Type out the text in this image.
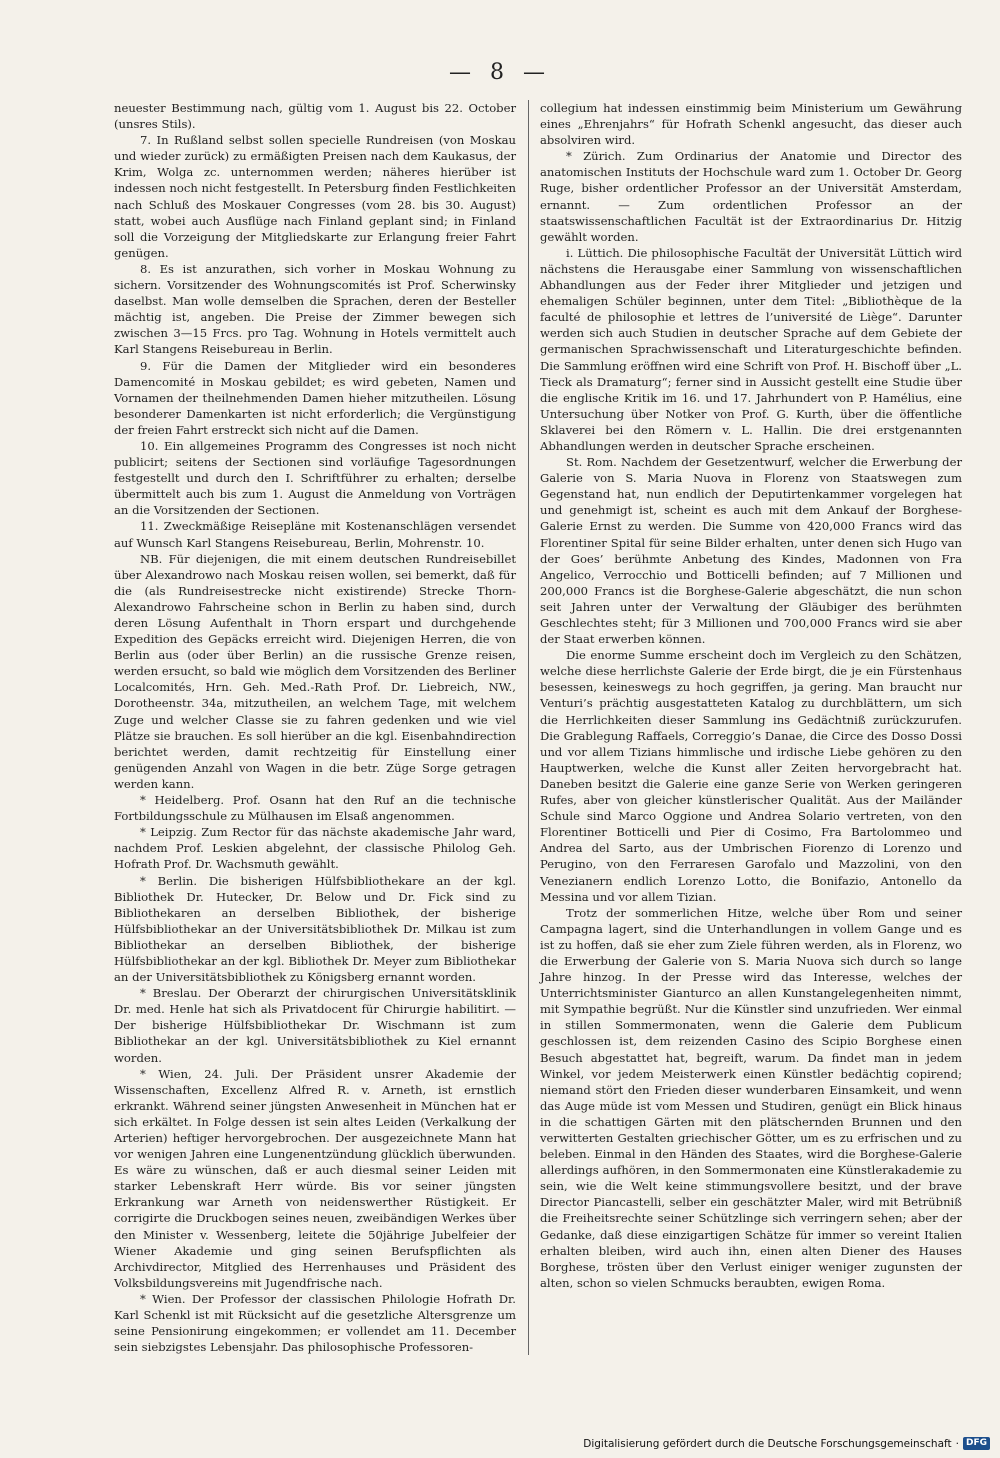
— 8 —

neuester Bestimmung nach, gültig vom 1. August bis 22. October (unsres Stils).

7. In Rußland selbst sollen specielle Rundreisen (von Moskau und wieder zurück) zu ermäßigten Preisen nach dem Kaukasus, der Krim, Wolga zc. unternommen werden; näheres hierüber ist indessen noch nicht festgestellt. In Petersburg finden Festlichkeiten nach Schluß des Moskauer Congresses (vom 28. bis 30. August) statt, wobei auch Ausflüge nach Finland geplant sind; in Finland soll die Vorzeigung der Mitgliedskarte zur Erlangung freier Fahrt genügen.

8. Es ist anzurathen, sich vorher in Moskau Wohnung zu sichern. Vorsitzender des Wohnungscomités ist Prof. Scherwinsky daselbst. Man wolle demselben die Sprachen, deren der Besteller mächtig ist, angeben. Die Preise der Zimmer bewegen sich zwischen 3—15 Frcs. pro Tag. Wohnung in Hotels vermittelt auch Karl Stangens Reisebureau in Berlin.

9. Für die Damen der Mitglieder wird ein besonderes Damencomité in Moskau gebildet; es wird gebeten, Namen und Vornamen der theilnehmenden Damen hieher mitzutheilen. Lösung besonderer Damenkarten ist nicht erforderlich; die Vergünstigung der freien Fahrt erstreckt sich nicht auf die Damen.

10. Ein allgemeines Programm des Congresses ist noch nicht publicirt; seitens der Sectionen sind vorläufige Tagesordnungen festgestellt und durch den I. Schriftführer zu erhalten; derselbe übermittelt auch bis zum 1. August die Anmeldung von Vorträgen an die Vorsitzenden der Sectionen.

11. Zweckmäßige Reisepläne mit Kostenanschlägen versendet auf Wunsch Karl Stangens Reisebureau, Berlin, Mohrenstr. 10.

NB. Für diejenigen, die mit einem deutschen Rundreisebillet über Alexandrowo nach Moskau reisen wollen, sei bemerkt, daß für die (als Rundreisestrecke nicht existirende) Strecke Thorn-Alexandrowo Fahrscheine schon in Berlin zu haben sind, durch deren Lösung Aufenthalt in Thorn erspart und durchgehende Expedition des Gepäcks erreicht wird. Diejenigen Herren, die von Berlin aus (oder über Berlin) an die russische Grenze reisen, werden ersucht, so bald wie möglich dem Vorsitzenden des Berliner Localcomités, Hrn. Geh. Med.-Rath Prof. Dr. Liebreich, NW., Dorotheenstr. 34a, mitzutheilen, an welchem Tage, mit welchem Zuge und welcher Classe sie zu fahren gedenken und wie viel Plätze sie brauchen. Es soll hierüber an die kgl. Eisenbahndirection berichtet werden, damit rechtzeitig für Einstellung einer genügenden Anzahl von Wagen in die betr. Züge Sorge getragen werden kann.

* Heidelberg. Prof. Osann hat den Ruf an die technische Fortbildungsschule zu Mülhausen im Elsaß angenommen.

* Leipzig. Zum Rector für das nächste akademische Jahr ward, nachdem Prof. Leskien abgelehnt, der classische Philolog Geh. Hofrath Prof. Dr. Wachsmuth gewählt.

* Berlin. Die bisherigen Hülfsbibliothekare an der kgl. Bibliothek Dr. Hutecker, Dr. Below und Dr. Fick sind zu Bibliothekaren an derselben Bibliothek, der bisherige Hülfsbibliothekar an der Universitätsbibliothek Dr. Milkau ist zum Bibliothekar an derselben Bibliothek, der bisherige Hülfsbibliothekar an der kgl. Bibliothek Dr. Meyer zum Bibliothekar an der Universitätsbibliothek zu Königsberg ernannt worden.

* Breslau. Der Oberarzt der chirurgischen Universitätsklinik Dr. med. Henle hat sich als Privatdocent für Chirurgie habilitirt. — Der bisherige Hülfsbibliothekar Dr. Wischmann ist zum Bibliothekar an der kgl. Universitätsbibliothek zu Kiel ernannt worden.

* Wien, 24. Juli. Der Präsident unsrer Akademie der Wissenschaften, Excellenz Alfred R. v. Arneth, ist ernstlich erkrankt. Während seiner jüngsten Anwesenheit in München hat er sich erkältet. In Folge dessen ist sein altes Leiden (Verkalkung der Arterien) heftiger hervorgebrochen. Der ausgezeichnete Mann hat vor wenigen Jahren eine Lungenentzündung glücklich überwunden. Es wäre zu wünschen, daß er auch diesmal seiner Leiden mit starker Lebenskraft Herr würde. Bis vor seiner jüngsten Erkrankung war Arneth von neidenswerther Rüstigkeit. Er corrigirte die Druckbogen seines neuen, zweibändigen Werkes über den Minister v. Wessenberg, leitete die 50jährige Jubelfeier der Wiener Akademie und ging seinen Berufspflichten als Archivdirector, Mitglied des Herrenhauses und Präsident des Volksbildungsvereins mit Jugendfrische nach.

* Wien. Der Professor der classischen Philologie Hofrath Dr. Karl Schenkl ist mit Rücksicht auf die gesetzliche Altersgrenze um seine Pensionirung eingekommen; er vollendet am 11. December sein siebzigstes Lebensjahr. Das philosophische Professoren-

collegium hat indessen einstimmig beim Ministerium um Gewährung eines „Ehrenjahrs“ für Hofrath Schenkl angesucht, das dieser auch absolviren wird.

* Zürich. Zum Ordinarius der Anatomie und Director des anatomischen Instituts der Hochschule ward zum 1. October Dr. Georg Ruge, bisher ordentlicher Professor an der Universität Amsterdam, ernannt. — Zum ordentlichen Professor an der staatswissenschaftlichen Facultät ist der Extraordinarius Dr. Hitzig gewählt worden.

i. Lüttich. Die philosophische Facultät der Universität Lüttich wird nächstens die Herausgabe einer Sammlung von wissenschaftlichen Abhandlungen aus der Feder ihrer Mitglieder und jetzigen und ehemaligen Schüler beginnen, unter dem Titel: „Bibliothèque de la faculté de philosophie et lettres de l’université de Liège“. Darunter werden sich auch Studien in deutscher Sprache auf dem Gebiete der germanischen Sprachwissenschaft und Literaturgeschichte befinden. Die Sammlung eröffnen wird eine Schrift von Prof. H. Bischoff über „L. Tieck als Dramaturg“; ferner sind in Aussicht gestellt eine Studie über die englische Kritik im 16. und 17. Jahrhundert von P. Hamélius, eine Untersuchung über Notker von Prof. G. Kurth, über die öffentliche Sklaverei bei den Römern v. L. Hallin. Die drei erstgenannten Abhandlungen werden in deutscher Sprache erscheinen.

St. Rom. Nachdem der Gesetzentwurf, welcher die Erwerbung der Galerie von S. Maria Nuova in Florenz von Staatswegen zum Gegenstand hat, nun endlich der Deputirtenkammer vorgelegen hat und genehmigt ist, scheint es auch mit dem Ankauf der Borghese-Galerie Ernst zu werden. Die Summe von 420,000 Francs wird das Florentiner Spital für seine Bilder erhalten, unter denen sich Hugo van der Goes’ berühmte Anbetung des Kindes, Madonnen von Fra Angelico, Verrocchio und Botticelli befinden; auf 7 Millionen und 200,000 Francs ist die Borghese-Galerie abgeschätzt, die nun schon seit Jahren unter der Verwaltung der Gläubiger des berühmten Geschlechtes steht; für 3 Millionen und 700,000 Francs wird sie aber der Staat erwerben können.

Die enorme Summe erscheint doch im Vergleich zu den Schätzen, welche diese herrlichste Galerie der Erde birgt, die je ein Fürstenhaus besessen, keineswegs zu hoch gegriffen, ja gering. Man braucht nur Venturi’s prächtig ausgestatteten Katalog zu durchblättern, um sich die Herrlichkeiten dieser Sammlung ins Gedächtniß zurückzurufen. Die Grablegung Raffaels, Correggio’s Danae, die Circe des Dosso Dossi und vor allem Tizians himmlische und irdische Liebe gehören zu den Hauptwerken, welche die Kunst aller Zeiten hervorgebracht hat. Daneben besitzt die Galerie eine ganze Serie von Werken geringeren Rufes, aber von gleicher künstlerischer Qualität. Aus der Mailänder Schule sind Marco Oggione und Andrea Solario vertreten, von den Florentiner Botticelli und Pier di Cosimo, Fra Bartolommeo und Andrea del Sarto, aus der Umbrischen Fiorenzo di Lorenzo und Perugino, von den Ferraresen Garofalo und Mazzolini, von den Venezianern endlich Lorenzo Lotto, die Bonifazio, Antonello da Messina und vor allem Tizian.

Trotz der sommerlichen Hitze, welche über Rom und seiner Campagna lagert, sind die Unterhandlungen in vollem Gange und es ist zu hoffen, daß sie eher zum Ziele führen werden, als in Florenz, wo die Erwerbung der Galerie von S. Maria Nuova sich durch so lange Jahre hinzog. In der Presse wird das Interesse, welches der Unterrichtsminister Gianturco an allen Kunstangelegenheiten nimmt, mit Sympathie begrüßt. Nur die Künstler sind unzufrieden. Wer einmal in stillen Sommermonaten, wenn die Galerie dem Publicum geschlossen ist, dem reizenden Casino des Scipio Borghese einen Besuch abgestattet hat, begreift, warum. Da findet man in jedem Winkel, vor jedem Meisterwerk einen Künstler bedächtig copirend; niemand stört den Frieden dieser wunderbaren Einsamkeit, und wenn das Auge müde ist vom Messen und Studiren, genügt ein Blick hinaus in die schattigen Gärten mit den plätschernden Brunnen und den verwitterten Gestalten griechischer Götter, um es zu erfrischen und zu beleben. Einmal in den Händen des Staates, wird die Borghese-Galerie allerdings aufhören, in den Sommermonaten eine Künstlerakademie zu sein, wie die Welt keine stimmungsvollere besitzt, und der brave Director Piancastelli, selber ein geschätzter Maler, wird mit Betrübniß die Freiheitsrechte seiner Schützlinge sich verringern sehen; aber der Gedanke, daß diese einzigartigen Schätze für immer so vereint Italien erhalten bleiben, wird auch ihn, einen alten Diener des Hauses Borghese, trösten über den Verlust einiger weniger zugunsten der alten, schon so vielen Schmucks beraubten, ewigen Roma.

Digitalisierung gefördert durch die Deutsche Forschungsgemeinschaft · DFG
